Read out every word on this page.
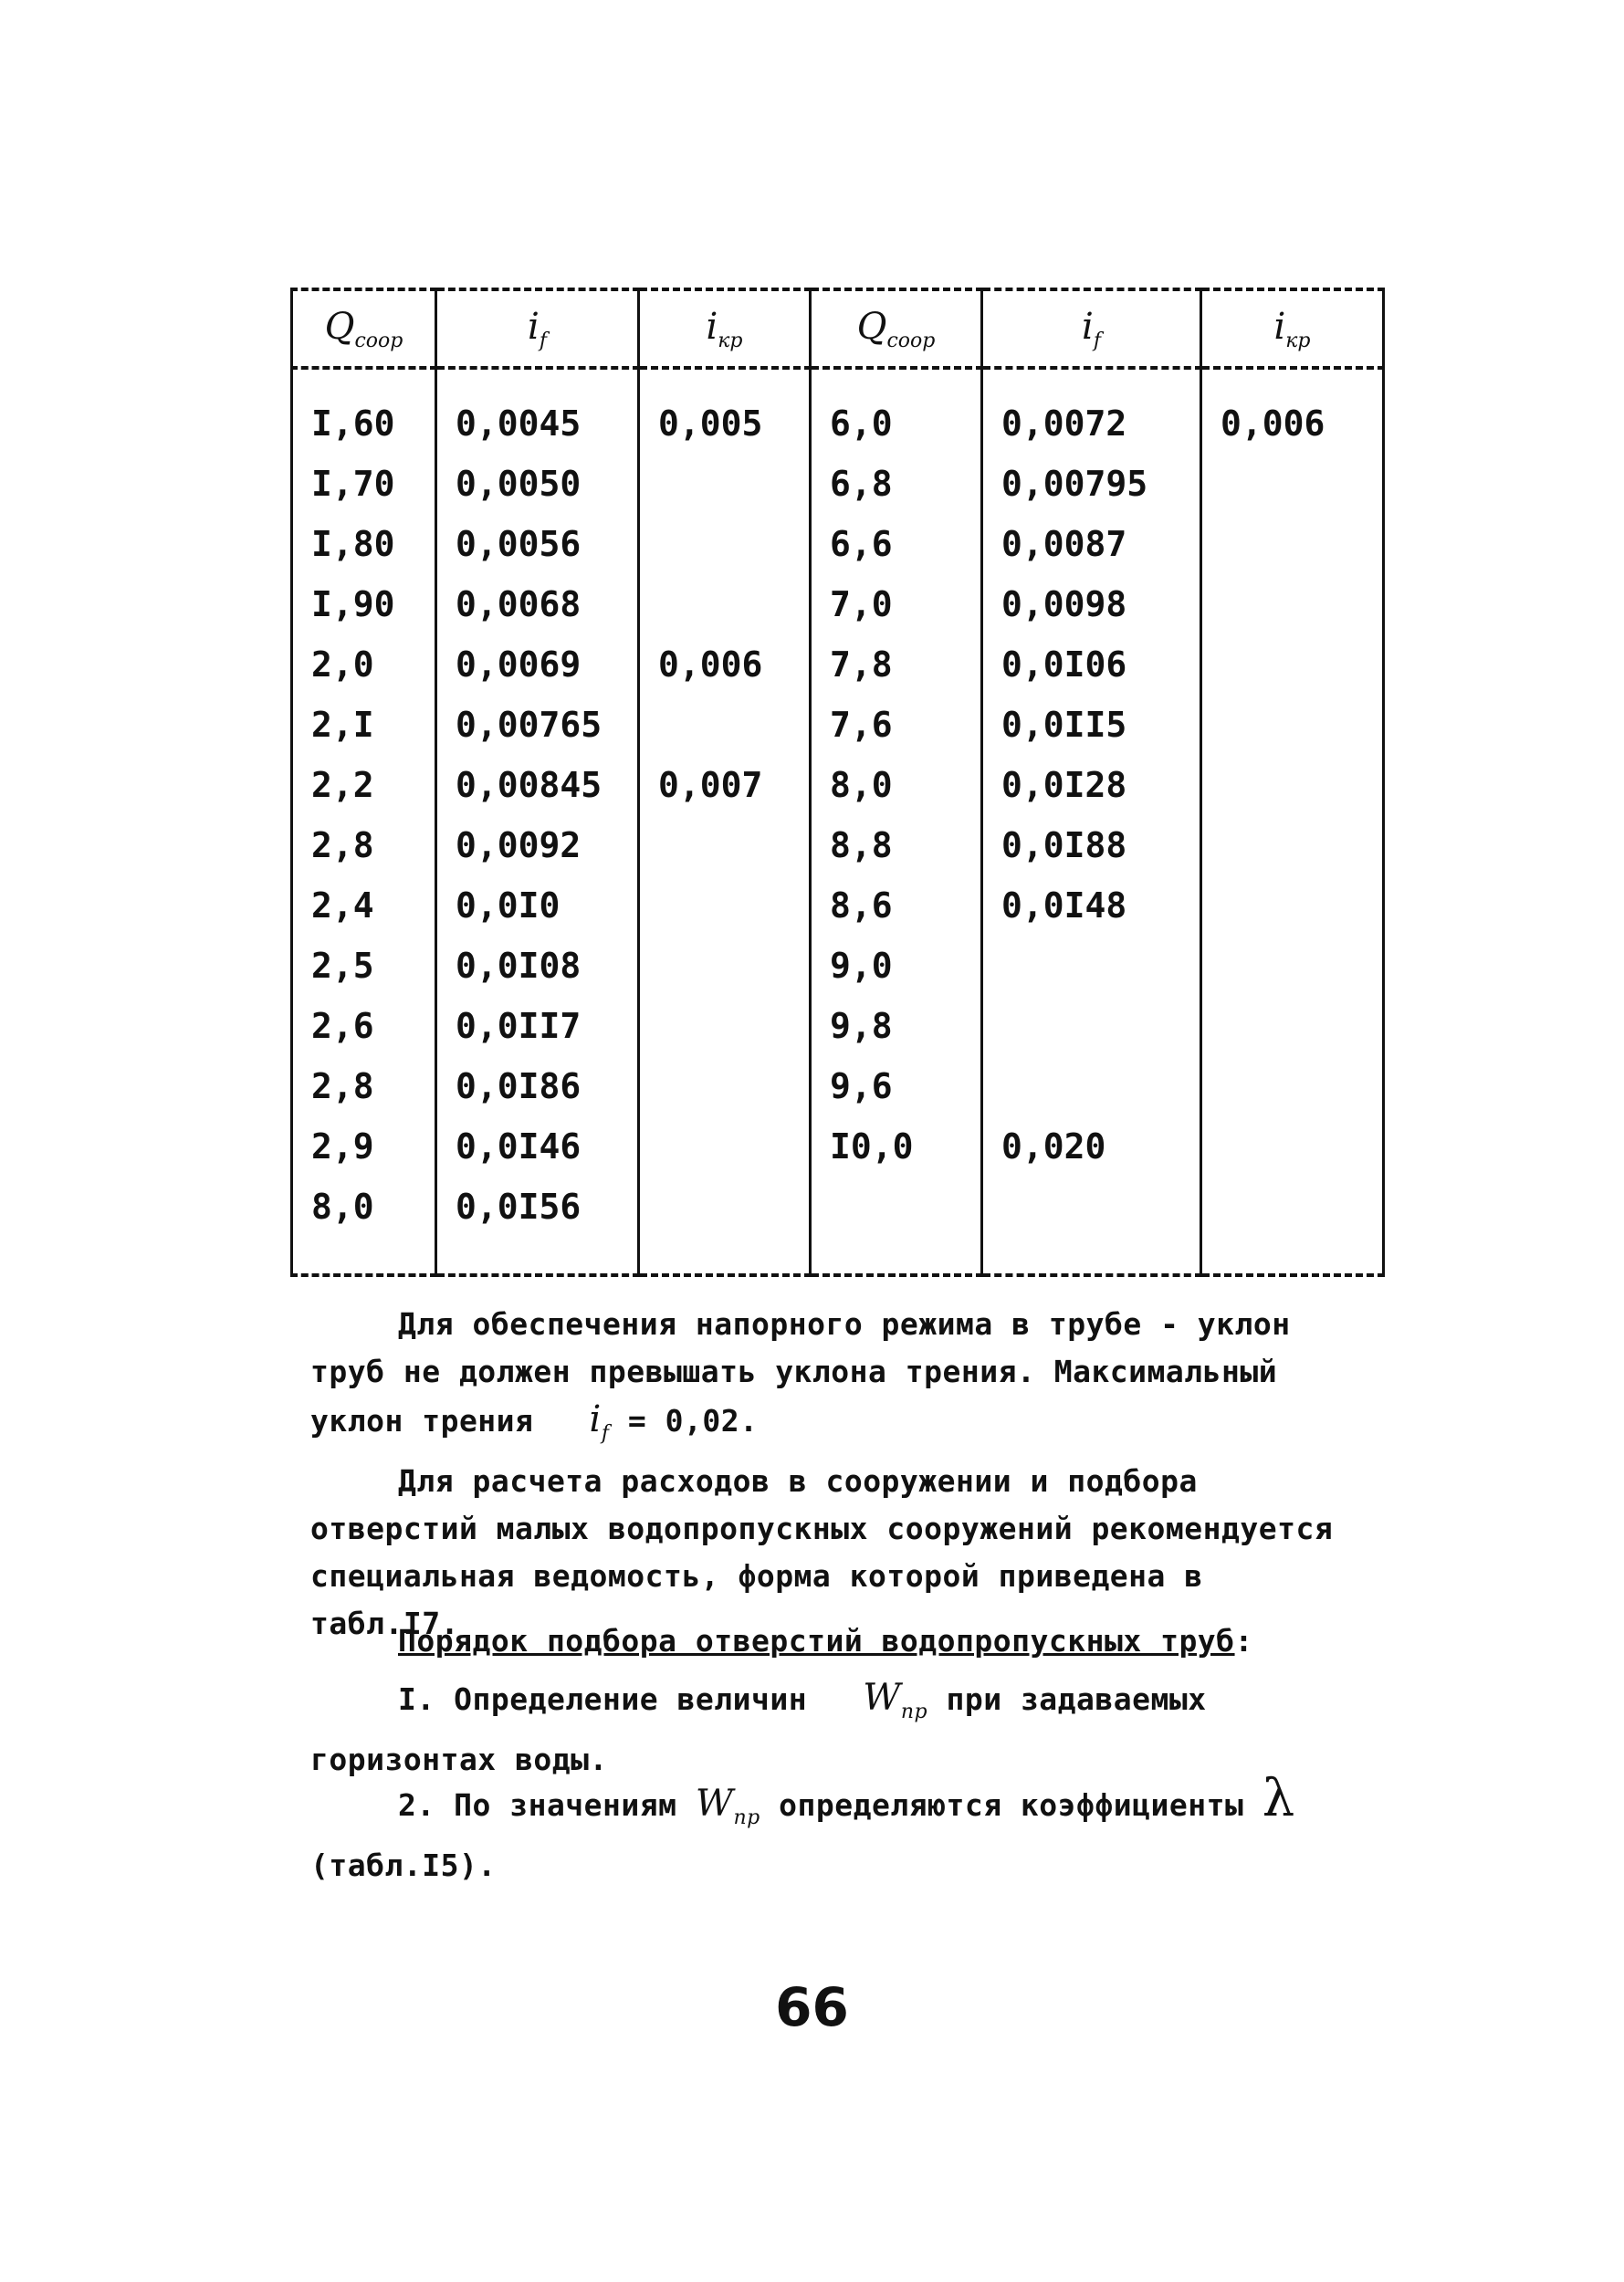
$Q_{соор}$	$i_f$	$i_{кр}$	$Q_{соор}$	$i_f$	$i_{кр}$
I,60	0,0045	0,005	6,0	0,0072	0,006
I,70	0,0050		6,8	0,00795	
I,80	0,0056		6,6	0,0087	
I,90	0,0068		7,0	0,0098	
2,0	0,0069	0,006	7,8	0,0I06	
2,I	0,00765		7,6	0,0II5	
2,2	0,00845	0,007	8,0	0,0I28	
2,8	0,0092		8,8	0,0I88	
2,4	0,0I0		8,6	0,0I48	
2,5	0,0I08		9,0		
2,6	0,0II7		9,8		
2,8	0,0I86		9,6		
2,9	0,0I46		I0,0	0,020	
8,0	0,0I56				

Для обеспечения напорного режима в трубе - уклон труб не должен превышать уклона трения. Максимальный уклон трения $i_f = 0,02$.
Для расчета расходов в сооружении и подбора отверстий малых водопропускных сооружений рекомендуется специальная ведомость, форма которой приведена в табл.I7.
Порядок подбора отверстий водопропускных труб:
I. Определение величин $W_{пр}$ при задаваемых горизонтах воды.
2. По значениям $W_{пр}$ определяются коэффициенты λ
(табл.I5).
66
